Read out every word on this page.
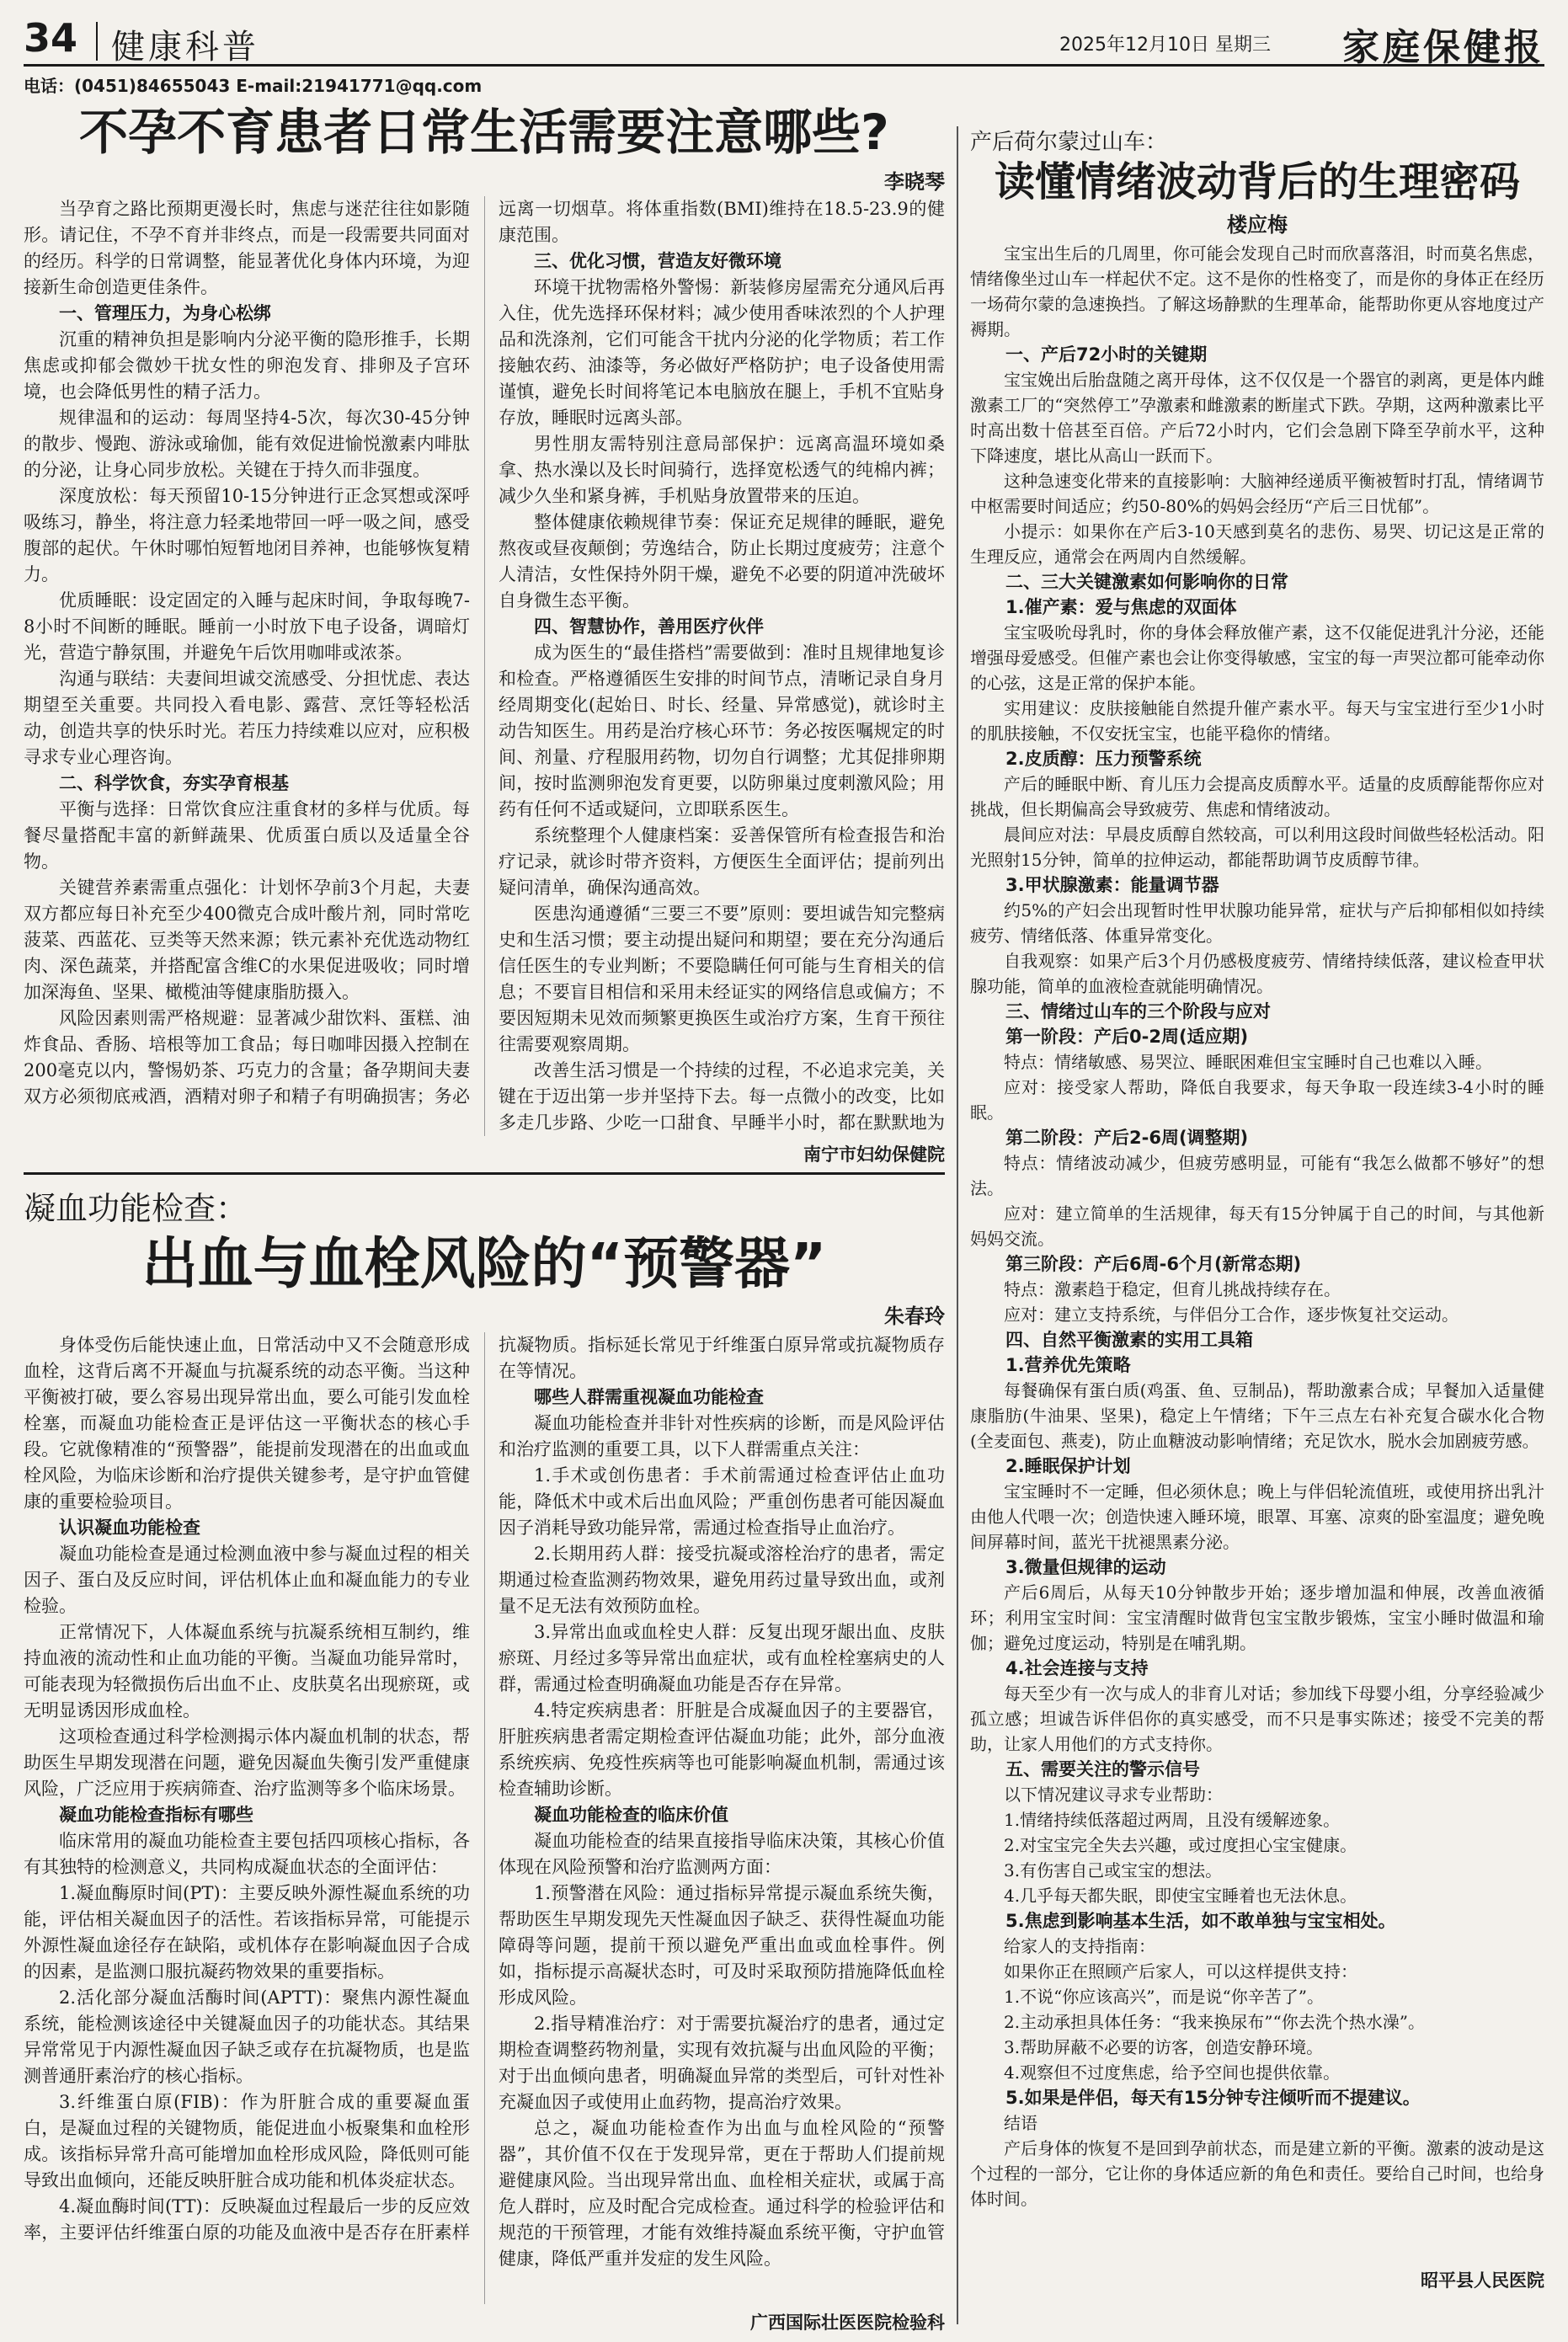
34 健康科普	2025年12月10日 星期三 家庭保健报
电话：(0451)84655043 E-mail:21941771@qq.com
不孕不育患者日常生活需要注意哪些?
李晓琴

当孕育之路比预期更漫长时，焦虑与迷茫往往如影随形。请记住，不孕不育并非终点，而是一段需要共同面对的经历。科学的日常调整，能显著优化身体内环境，为迎接新生命创造更佳条件。

一、管理压力，为身心松绑

沉重的精神负担是影响内分泌平衡的隐形推手，长期焦虑或抑郁会微妙干扰女性的卵泡发育、排卵及子宫环境，也会降低男性的精子活力。

规律温和的运动：每周坚持4-5次，每次30-45分钟的散步、慢跑、游泳或瑜伽，能有效促进愉悦激素内啡肽的分泌，让身心同步放松。关键在于持久而非强度。

深度放松：每天预留10-15分钟进行正念冥想或深呼吸练习，静坐，将注意力轻柔地带回一呼一吸之间，感受腹部的起伏。午休时哪怕短暂地闭目养神，也能够恢复精力。

优质睡眠：设定固定的入睡与起床时间，争取每晚7-8小时不间断的睡眠。睡前一小时放下电子设备，调暗灯光，营造宁静氛围，并避免午后饮用咖啡或浓茶。

沟通与联结：夫妻间坦诚交流感受、分担忧虑、表达期望至关重要。共同投入看电影、露营、烹饪等轻松活动，创造共享的快乐时光。若压力持续难以应对，应积极寻求专业心理咨询。

二、科学饮食，夯实孕育根基

平衡与选择：日常饮食应注重食材的多样与优质。每餐尽量搭配丰富的新鲜蔬果、优质蛋白质以及适量全谷物。

关键营养素需重点强化：计划怀孕前3个月起，夫妻双方都应每日补充至少400微克合成叶酸片剂，同时常吃菠菜、西蓝花、豆类等天然来源；铁元素补充优选动物红肉、深色蔬菜，并搭配富含维C的水果促进吸收；同时增加深海鱼、坚果、橄榄油等健康脂肪摄入。

风险因素则需严格规避：显著减少甜饮料、蛋糕、油炸食品、香肠、培根等加工食品；每日咖啡因摄入控制在200毫克以内，警惕奶茶、巧克力的含量；备孕期间夫妻双方必须彻底戒酒，酒精对卵子和精子有明确损害；务必远离一切烟草。将体重指数(BMI)维持在18.5-23.9的健康范围。

三、优化习惯，营造友好微环境

环境干扰物需格外警惕：新装修房屋需充分通风后再入住，优先选择环保材料；减少使用香味浓烈的个人护理品和洗涤剂，它们可能含干扰内分泌的化学物质；若工作接触农药、油漆等，务必做好严格防护；电子设备使用需谨慎，避免长时间将笔记本电脑放在腿上，手机不宜贴身存放，睡眠时远离头部。

男性朋友需特别注意局部保护：远离高温环境如桑拿、热水澡以及长时间骑行，选择宽松透气的纯棉内裤；减少久坐和紧身裤，手机贴身放置带来的压迫。

整体健康依赖规律节奏：保证充足规律的睡眠，避免熬夜或昼夜颠倒；劳逸结合，防止长期过度疲劳；注意个人清洁，女性保持外阴干燥，避免不必要的阴道冲洗破坏自身微生态平衡。

四、智慧协作，善用医疗伙伴

成为医生的“最佳搭档”需要做到：准时且规律地复诊和检查。严格遵循医生安排的时间节点，清晰记录自身月经周期变化(起始日、时长、经量、异常感觉)，就诊时主动告知医生。用药是治疗核心环节：务必按医嘱规定的时间、剂量、疗程服用药物，切勿自行调整；尤其促排卵期间，按时监测卵泡发育更要，以防卵巢过度刺激风险；用药有任何不适或疑问，立即联系医生。

系统整理个人健康档案：妥善保管所有检查报告和治疗记录，就诊时带齐资料，方便医生全面评估；提前列出疑问清单，确保沟通高效。

医患沟通遵循“三要三不要”原则：要坦诚告知完整病史和生活习惯；要主动提出疑问和期望；要在充分沟通后信任医生的专业判断；不要隐瞒任何可能与生育相关的信息；不要盲目相信和采用未经证实的网络信息或偏方；不要因短期未见效而频繁更换医生或治疗方案，生育干预往往需要观察周期。

改善生活习惯是一个持续的过程，不必追求完美，关键在于迈出第一步并坚持下去。每一点微小的改变，比如多走几步路、少吃一口甜食、早睡半小时，都在默默地为

南宁市妇幼保健院
凝血功能检查：
出血与血栓风险的“预警器”
朱春玲

身体受伤后能快速止血，日常活动中又不会随意形成血栓，这背后离不开凝血与抗凝系统的动态平衡。当这种平衡被打破，要么容易出现异常出血，要么可能引发血栓栓塞，而凝血功能检查正是评估这一平衡状态的核心手段。它就像精准的“预警器”，能提前发现潜在的出血或血栓风险，为临床诊断和治疗提供关键参考，是守护血管健康的重要检验项目。

认识凝血功能检查

凝血功能检查是通过检测血液中参与凝血过程的相关因子、蛋白及反应时间，评估机体止血和凝血能力的专业检验。

正常情况下，人体凝血系统与抗凝系统相互制约，维持血液的流动性和止血功能的平衡。当凝血功能异常时，可能表现为轻微损伤后出血不止、皮肤莫名出现瘀斑，或无明显诱因形成血栓。

这项检查通过科学检测揭示体内凝血机制的状态，帮助医生早期发现潜在问题，避免因凝血失衡引发严重健康风险，广泛应用于疾病筛查、治疗监测等多个临床场景。

凝血功能检查指标有哪些

临床常用的凝血功能检查主要包括四项核心指标，各有其独特的检测意义，共同构成凝血状态的全面评估：

1.凝血酶原时间(PT)：主要反映外源性凝血系统的功能，评估相关凝血因子的活性。若该指标异常，可能提示外源性凝血途径存在缺陷，或机体存在影响凝血因子合成的因素，是监测口服抗凝药物效果的重要指标。

2.活化部分凝血活酶时间(APTT)：聚焦内源性凝血系统，能检测该途径中关键凝血因子的功能状态。其结果异常常见于内源性凝血因子缺乏或存在抗凝物质，也是监测普通肝素治疗的核心指标。

3.纤维蛋白原(FIB)：作为肝脏合成的重要凝血蛋白，是凝血过程的关键物质，能促进血小板聚集和血栓形成。该指标异常升高可能增加血栓形成风险，降低则可能导致出血倾向，还能反映肝脏合成功能和机体炎症状态。

4.凝血酶时间(TT)：反映凝血过程最后一步的反应效率，主要评估纤维蛋白原的功能及血液中是否存在肝素样抗凝物质。指标延长常见于纤维蛋白原异常或抗凝物质存在等情况。

哪些人群需重视凝血功能检查

凝血功能检查并非针对性疾病的诊断，而是风险评估和治疗监测的重要工具，以下人群需重点关注：

1.手术或创伤患者：手术前需通过检查评估止血功能，降低术中或术后出血风险；严重创伤患者可能因凝血因子消耗导致功能异常，需通过检查指导止血治疗。

2.长期用药人群：接受抗凝或溶栓治疗的患者，需定期通过检查监测药物效果，避免用药过量导致出血，或剂量不足无法有效预防血栓。

3.异常出血或血栓史人群：反复出现牙龈出血、皮肤瘀斑、月经过多等异常出血症状，或有血栓栓塞病史的人群，需通过检查明确凝血功能是否存在异常。

4.特定疾病患者：肝脏是合成凝血因子的主要器官，肝脏疾病患者需定期检查评估凝血功能；此外，部分血液系统疾病、免疫性疾病等也可能影响凝血机制，需通过该检查辅助诊断。

凝血功能检查的临床价值

凝血功能检查的结果直接指导临床决策，其核心价值体现在风险预警和治疗监测两方面：

1.预警潜在风险：通过指标异常提示凝血系统失衡，帮助医生早期发现先天性凝血因子缺乏、获得性凝血功能障碍等问题，提前干预以避免严重出血或血栓事件。例如，指标提示高凝状态时，可及时采取预防措施降低血栓形成风险。

2.指导精准治疗：对于需要抗凝治疗的患者，通过定期检查调整药物剂量，实现有效抗凝与出血风险的平衡；对于出血倾向患者，明确凝血异常的类型后，可针对性补充凝血因子或使用止血药物，提高治疗效果。

总之，凝血功能检查作为出血与血栓风险的“预警器”，其价值不仅在于发现异常，更在于帮助人们提前规避健康风险。当出现异常出血、血栓相关症状，或属于高危人群时，应及时配合完成检查。通过科学的检验评估和规范的干预管理，才能有效维持凝血系统平衡，守护血管健康，降低严重并发症的发生风险。

广西国际壮医医院检验科
产后荷尔蒙过山车：
读懂情绪波动背后的生理密码
楼应梅

宝宝出生后的几周里，你可能会发现自己时而欣喜落泪，时而莫名焦虑，情绪像坐过山车一样起伏不定。这不是你的性格变了，而是你的身体正在经历一场荷尔蒙的急速换挡。了解这场静默的生理革命，能帮助你更从容地度过产褥期。

一、产后72小时的关键期

宝宝娩出后胎盘随之离开母体，这不仅仅是一个器官的剥离，更是体内雌激素工厂的“突然停工”孕激素和雌激素的断崖式下跌。孕期，这两种激素比平时高出数十倍甚至百倍。产后72小时内，它们会急剧下降至孕前水平，这种下降速度，堪比从高山一跃而下。

这种急速变化带来的直接影响：大脑神经递质平衡被暂时打乱，情绪调节中枢需要时间适应；约50-80%的妈妈会经历“产后三日忧郁”。

小提示：如果你在产后3-10天感到莫名的悲伤、易哭、切记这是正常的生理反应，通常会在两周内自然缓解。

二、三大关键激素如何影响你的日常
1.催产素：爱与焦虑的双面体

宝宝吸吮母乳时，你的身体会释放催产素，这不仅能促进乳汁分泌，还能增强母爱感受。但催产素也会让你变得敏感，宝宝的每一声哭泣都可能牵动你的心弦，这是正常的保护本能。

实用建议：皮肤接触能自然提升催产素水平。每天与宝宝进行至少1小时的肌肤接触，不仅安抚宝宝，也能平稳你的情绪。

2.皮质醇：压力预警系统

产后的睡眠中断、育儿压力会提高皮质醇水平。适量的皮质醇能帮你应对挑战，但长期偏高会导致疲劳、焦虑和情绪波动。

晨间应对法：早晨皮质醇自然较高，可以利用这段时间做些轻松活动。阳光照射15分钟，简单的拉伸运动，都能帮助调节皮质醇节律。

3.甲状腺激素：能量调节器

约5%的产妇会出现暂时性甲状腺功能异常，症状与产后抑郁相似如持续疲劳、情绪低落、体重异常变化。

自我观察：如果产后3个月仍感极度疲劳、情绪持续低落，建议检查甲状腺功能，简单的血液检查就能明确情况。

三、情绪过山车的三个阶段与应对
第一阶段：产后0-2周(适应期)

特点：情绪敏感、易哭泣、睡眠困难但宝宝睡时自己也难以入睡。

应对：接受家人帮助，降低自我要求，每天争取一段连续3-4小时的睡眠。

第二阶段：产后2-6周(调整期)

特点：情绪波动减少，但疲劳感明显，可能有“我怎么做都不够好”的想法。

应对：建立简单的生活规律，每天有15分钟属于自己的时间，与其他新妈妈交流。

第三阶段：产后6周-6个月(新常态期)

特点：激素趋于稳定，但育儿挑战持续存在。

应对：建立支持系统，与伴侣分工合作，逐步恢复社交运动。

四、自然平衡激素的实用工具箱
1.营养优先策略

每餐确保有蛋白质(鸡蛋、鱼、豆制品)，帮助激素合成；早餐加入适量健康脂肪(牛油果、坚果)，稳定上午情绪；下午三点左右补充复合碳水化合物(全麦面包、燕麦)，防止血糖波动影响情绪；充足饮水，脱水会加剧疲劳感。

2.睡眠保护计划

宝宝睡时不一定睡，但必须休息；晚上与伴侣轮流值班，或使用挤出乳汁由他人代喂一次；创造快速入睡环境，眼罩、耳塞、凉爽的卧室温度；避免晚间屏幕时间，蓝光干扰褪黑素分泌。

3.微量但规律的运动

产后6周后，从每天10分钟散步开始；逐步增加温和伸展，改善血液循环；利用宝宝时间：宝宝清醒时做背包宝宝散步锻炼，宝宝小睡时做温和瑜伽；避免过度运动，特别是在哺乳期。

4.社会连接与支持

每天至少有一次与成人的非育儿对话；参加线下母婴小组，分享经验减少孤立感；坦诚告诉伴侣你的真实感受，而不只是事实陈述；接受不完美的帮助，让家人用他们的方式支持你。

五、需要关注的警示信号

以下情况建议寻求专业帮助：

1.情绪持续低落超过两周，且没有缓解迹象。

2.对宝宝完全失去兴趣，或过度担心宝宝健康。

3.有伤害自己或宝宝的想法。

4.几乎每天都失眠，即使宝宝睡着也无法休息。

5.焦虑到影响基本生活，如不敢单独与宝宝相处。

给家人的支持指南：

如果你正在照顾产后家人，可以这样提供支持：

1.不说“你应该高兴”，而是说“你辛苦了”。

2.主动承担具体任务：“我来换尿布”“你去洗个热水澡”。

3.帮助屏蔽不必要的访客，创造安静环境。

4.观察但不过度焦虑，给予空间也提供依靠。

5.如果是伴侣，每天有15分钟专注倾听而不提建议。

结语

产后身体的恢复不是回到孕前状态，而是建立新的平衡。激素的波动是这个过程的一部分，它让你的身体适应新的角色和责任。要给自己时间，也给身体时间。

昭平县人民医院
